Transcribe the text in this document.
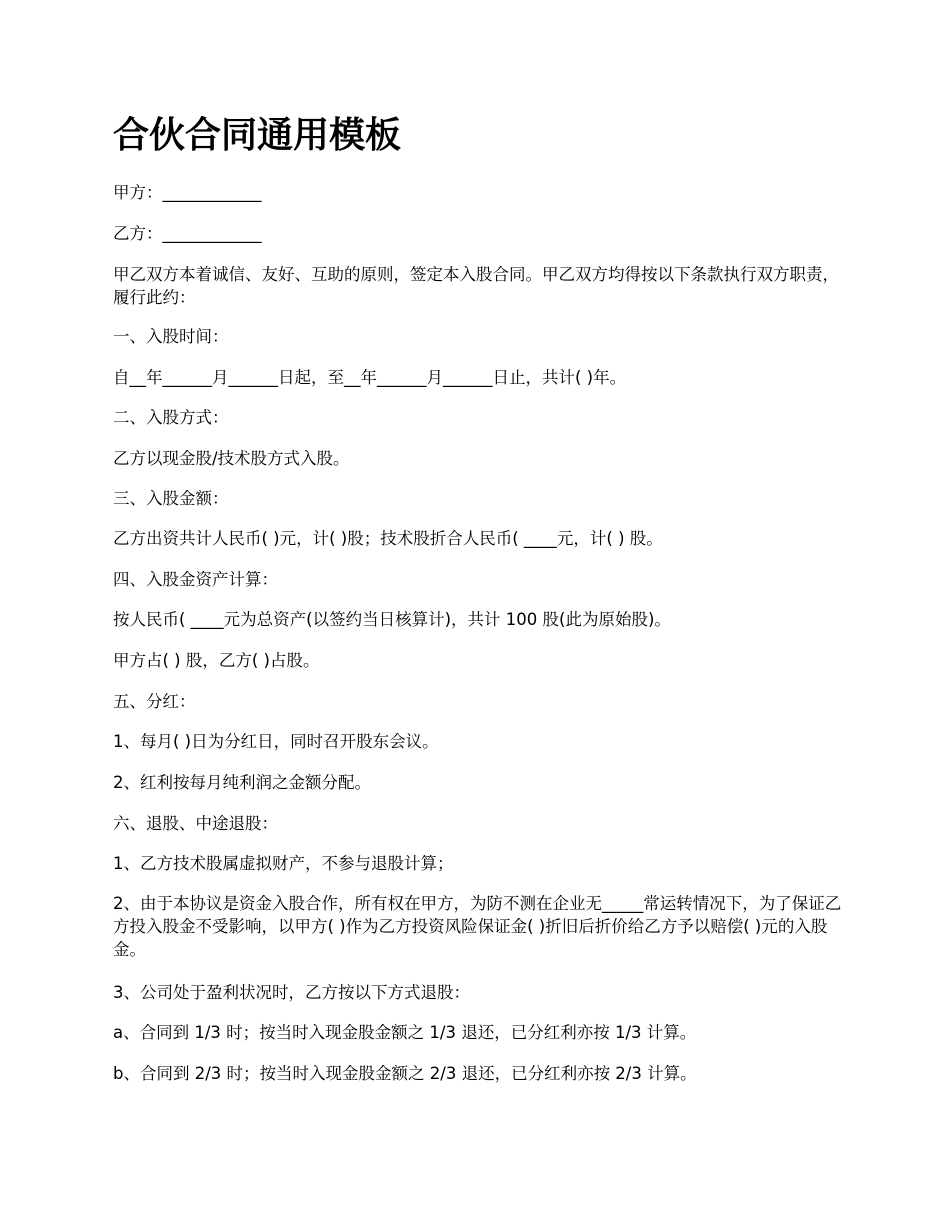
合伙合同通用模板

甲方：____________

乙方：____________

甲乙双方本着诚信、友好、互助的原则，签定本入股合同。甲乙双方均得按以下条款执行双方职责，履行此约：

一、入股时间：

自__年______月______日起，至__年______月______日止，共计( )年。

二、入股方式：

乙方以现金股/技术股方式入股。

三、入股金额：

乙方出资共计人民币( )元，计( )股；技术股折合人民币( ____元，计( ) 股。

四、入股金资产计算：

按人民币( ____元为总资产(以签约当日核算计)，共计 100 股(此为原始股)。

甲方占( ) 股，乙方( )占股。

五、分红：

1、每月( )日为分红日，同时召开股东会议。

2、红利按每月纯利润之金额分配。

六、退股、中途退股：

1、乙方技术股属虚拟财产，不参与退股计算；

2、由于本协议是资金入股合作，所有权在甲方，为防不测在企业无_____常运转情况下，为了保证乙方投入股金不受影响，以甲方( )作为乙方投资风险保证金( )折旧后折价给乙方予以赔偿( )元的入股金。

3、公司处于盈利状况时，乙方按以下方式退股：

a、合同到 1/3 时；按当时入现金股金额之 1/3 退还，已分红利亦按 1/3 计算。

b、合同到 2/3 时；按当时入现金股金额之 2/3 退还，已分红利亦按 2/3 计算。
